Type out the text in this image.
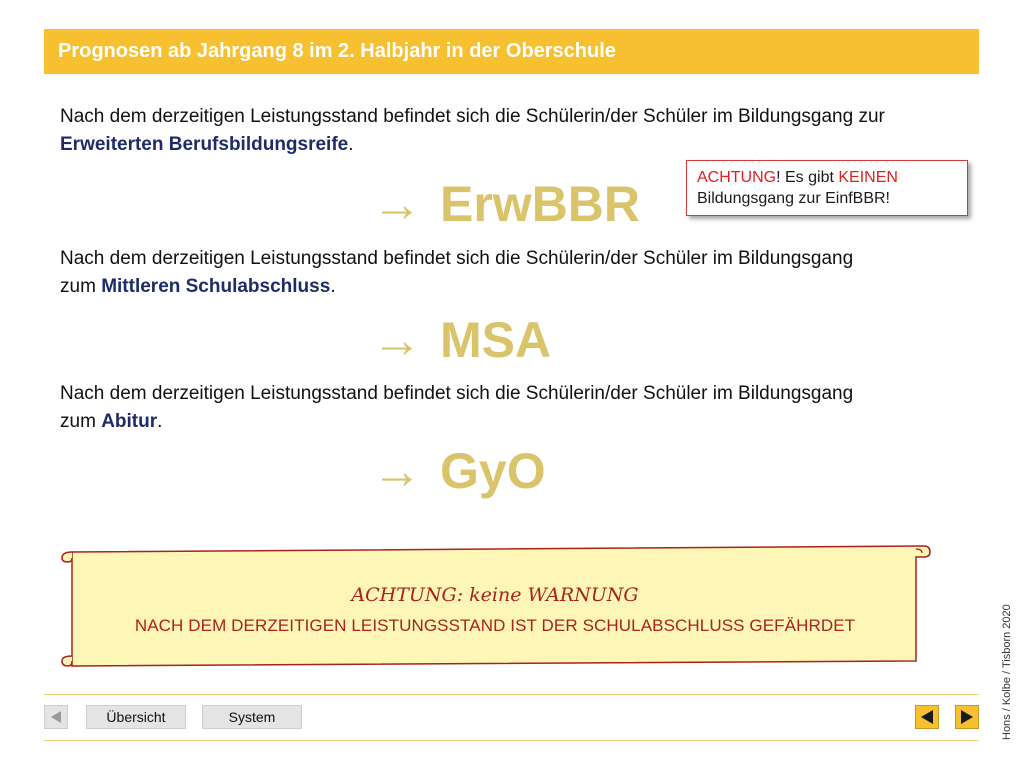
Prognosen ab Jahrgang 8 im 2. Halbjahr in der Oberschule
Nach dem derzeitigen Leistungsstand befindet sich die Schülerin/der Schüler im Bildungsgang zur Erweiterten Berufsbildungsreife.
→ ErwBBR	ACHTUNG! Es gibt KEINEN Bildungsgang zur EinfBBR!
Nach dem derzeitigen Leistungsstand befindet sich die Schülerin/der Schüler im Bildungsgang zum Mittleren Schulabschluss.
→ MSA
Nach dem derzeitigen Leistungsstand befindet sich die Schülerin/der Schüler im Bildungsgang zum Abitur.
→ GyO
ACHTUNG: keine WARNUNG
NACH DEM DERZEITIGEN LEISTUNGSSTAND IST DER SCHULABSCHLUSS GEFÄHRDET	Hons / Kolbe / Tisborn 2020
Übersicht	System
